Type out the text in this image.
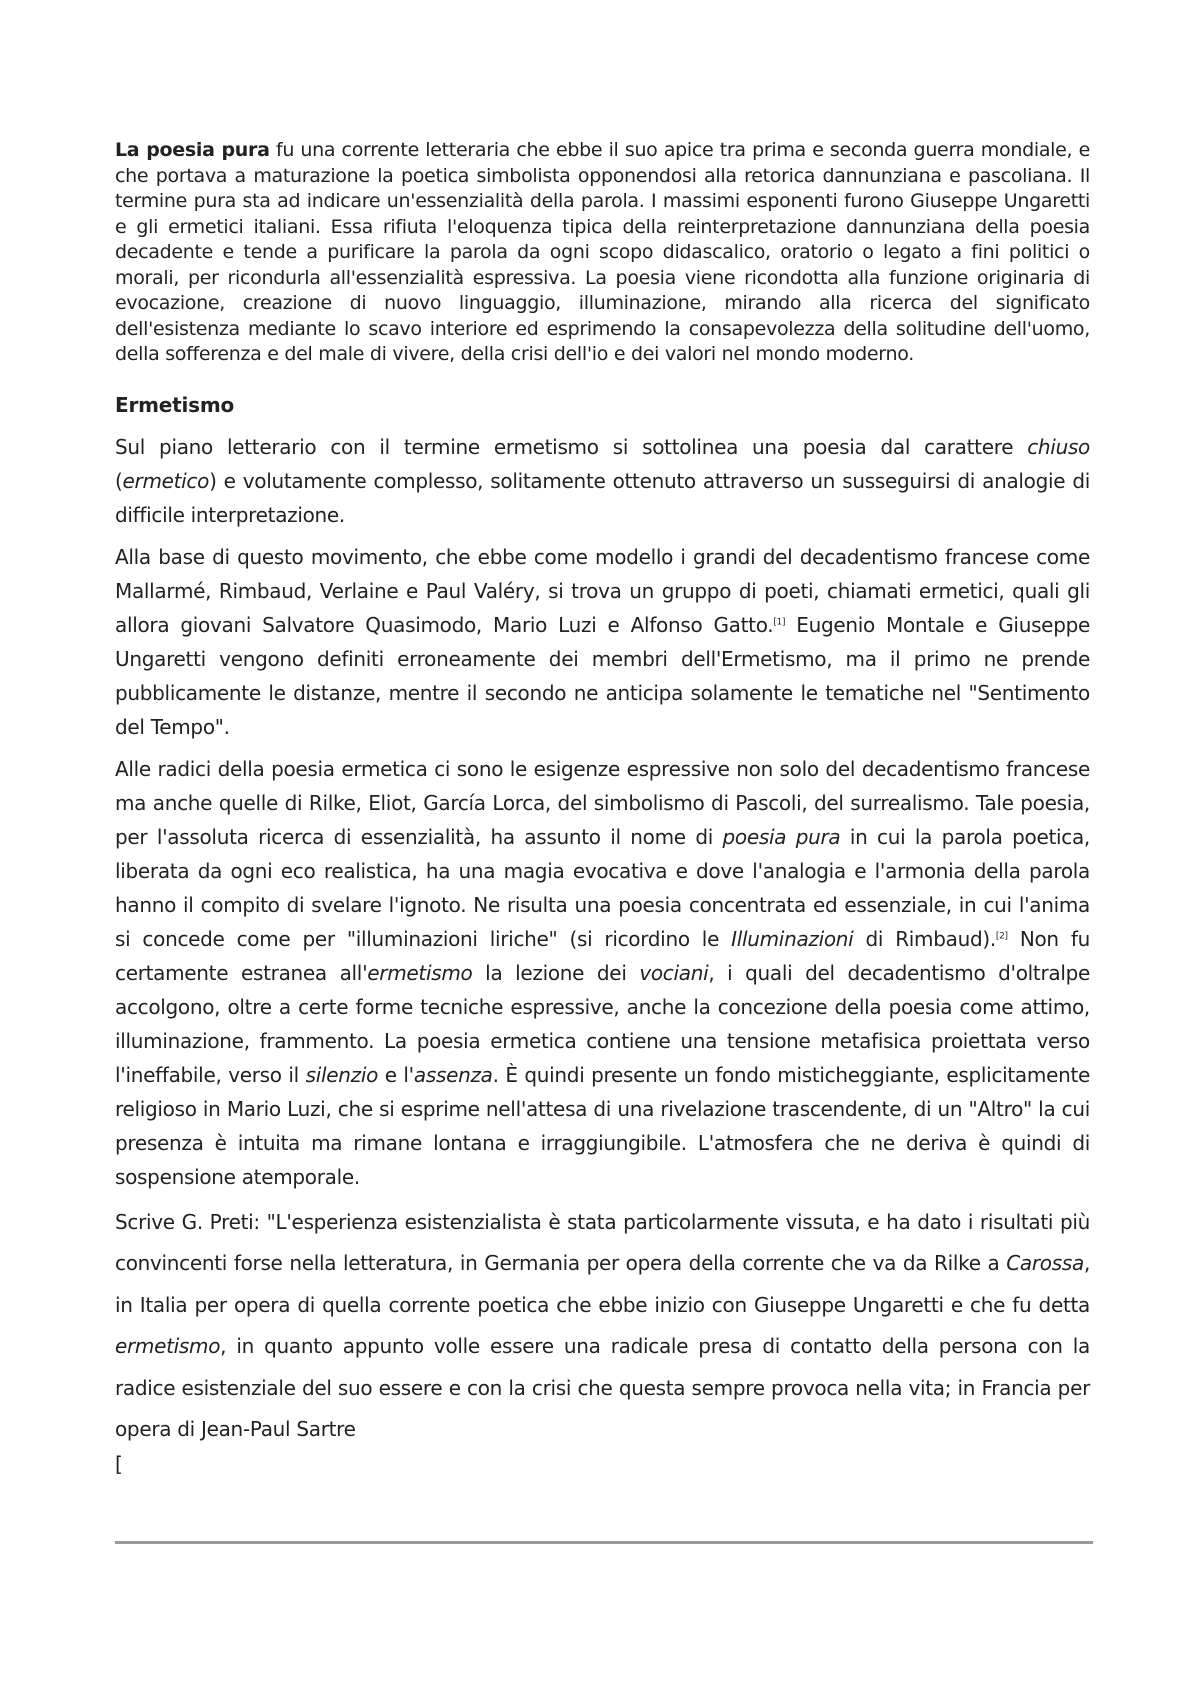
La poesia pura fu una corrente letteraria che ebbe il suo apice tra prima e seconda guerra mondiale, e che portava a maturazione la poetica simbolista opponendosi alla retorica dannunziana e pascoliana. Il termine pura sta ad indicare un'essenzialità della parola. I massimi esponenti furono Giuseppe Ungaretti e gli ermetici italiani. Essa rifiuta l'eloquenza tipica della reinterpretazione dannunziana della poesia decadente e tende a purificare la parola da ogni scopo didascalico, oratorio o legato a fini politici o morali, per ricondurla all'essenzialità espressiva. La poesia viene ricondotta alla funzione originaria di evocazione, creazione di nuovo linguaggio, illuminazione, mirando alla ricerca del significato dell'esistenza mediante lo scavo interiore ed esprimendo la consapevolezza della solitudine dell'uomo, della sofferenza e del male di vivere, della crisi dell'io e dei valori nel mondo moderno.

Ermetismo

Sul piano letterario con il termine ermetismo si sottolinea una poesia dal carattere chiuso (ermetico) e volutamente complesso, solitamente ottenuto attraverso un susseguirsi di analogie di difficile interpretazione.

Alla base di questo movimento, che ebbe come modello i grandi del decadentismo francese come Mallarmé, Rimbaud, Verlaine e Paul Valéry, si trova un gruppo di poeti, chiamati ermetici, quali gli allora giovani Salvatore Quasimodo, Mario Luzi e Alfonso Gatto.[1] Eugenio Montale e Giuseppe Ungaretti vengono definiti erroneamente dei membri dell'Ermetismo, ma il primo ne prende pubblicamente le distanze, mentre il secondo ne anticipa solamente le tematiche nel "Sentimento del Tempo".

Alle radici della poesia ermetica ci sono le esigenze espressive non solo del decadentismo francese ma anche quelle di Rilke, Eliot, García Lorca, del simbolismo di Pascoli, del surrealismo. Tale poesia, per l'assoluta ricerca di essenzialità, ha assunto il nome di poesia pura in cui la parola poetica, liberata da ogni eco realistica, ha una magia evocativa e dove l'analogia e l'armonia della parola hanno il compito di svelare l'ignoto. Ne risulta una poesia concentrata ed essenziale, in cui l'anima si concede come per "illuminazioni liriche" (si ricordino le Illuminazioni di Rimbaud).[2] Non fu certamente estranea all'ermetismo la lezione dei vociani, i quali del decadentismo d'oltralpe accolgono, oltre a certe forme tecniche espressive, anche la concezione della poesia come attimo, illuminazione, frammento. La poesia ermetica contiene una tensione metafisica proiettata verso l'ineffabile, verso il silenzio e l'assenza. È quindi presente un fondo misticheggiante, esplicitamente religioso in Mario Luzi, che si esprime nell'attesa di una rivelazione trascendente, di un "Altro" la cui presenza è intuita ma rimane lontana e irraggiungibile. L'atmosfera che ne deriva è quindi di sospensione atemporale.

Scrive G. Preti: "L'esperienza esistenzialista è stata particolarmente vissuta, e ha dato i risultati più convincenti forse nella letteratura, in Germania per opera della corrente che va da Rilke a Carossa, in Italia per opera di quella corrente poetica che ebbe inizio con Giuseppe Ungaretti e che fu detta ermetismo, in quanto appunto volle essere una radicale presa di contatto della persona con la radice esistenziale del suo essere e con la crisi che questa sempre provoca nella vita; in Francia per opera di Jean-Paul Sartre

[
